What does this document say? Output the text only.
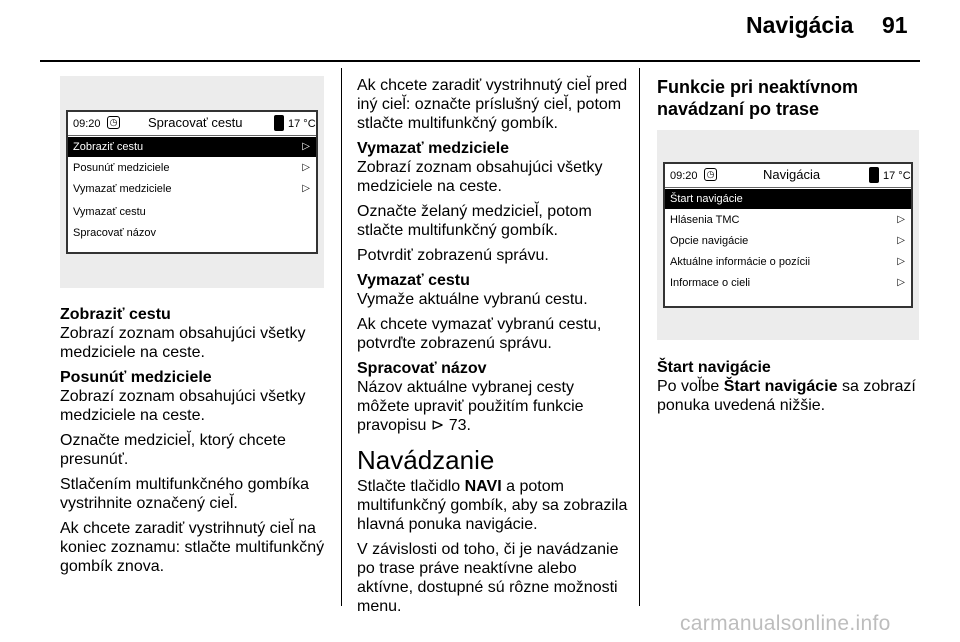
Navigácia 91
09:20 ◷ Spracovať cestu	17 °C
Zobraziť cestu	▷
Posunúť medziciele	▷
Vymazať medziciele	▷
Vymazať cestu
Spracovať názov
Zobraziť cestu

Zobrazí zoznam obsahujúci všetky medziciele na ceste.

Posunúť medziciele

Zobrazí zoznam obsahujúci všetky medziciele na ceste.

Označte medziciel̆, ktorý chcete presunúť.

Stlačením multifunkčného gombíka vystrihnite označený ciel̆.

Ak chcete zaradiť vystrihnutý ciel̆ na koniec zoznamu: stlačte multifunkčný gombík znova.

Ak chcete zaradiť vystrihnutý ciel̆ pred iný ciel̆: označte príslušný ciel̆, potom stlačte multifunkčný gombík.

Vymazať medziciele

Zobrazí zoznam obsahujúci všetky medziciele na ceste.

Označte želaný medziciel̆, potom stlačte multifunkčný gombík.

Potvrdiť zobrazenú správu.

Vymazať cestu

Vymaže aktuálne vybranú cestu.

Ak chcete vymazať vybranú cestu, potvrďte zobrazenú správu.

Spracovať názov

Názov aktuálne vybranej cesty môžete upraviť použitím funkcie pravopisu ⊳ 73.

Navádzanie

Stlačte tlačidlo NAVI a potom multifunkčný gombík, aby sa zobrazila hlavná ponuka navigácie.

V závislosti od toho, či je navádzanie po trase práve neaktívne alebo aktívne, dostupné sú rôzne možnosti menu.

Funkcie pri neaktívnom navádzaní po trase
09:20 ◷	Navigácia	17 °C
Štart navigácie
Hlásenia TMC	▷
Opcie navigácie	▷
Aktuálne informácie o pozícii	▷
Informace o cieli	▷
Štart navigácie

Po vol̆be Štart navigácie sa zobrazí ponuka uvedená nižšie.

carmanualsonline.info
